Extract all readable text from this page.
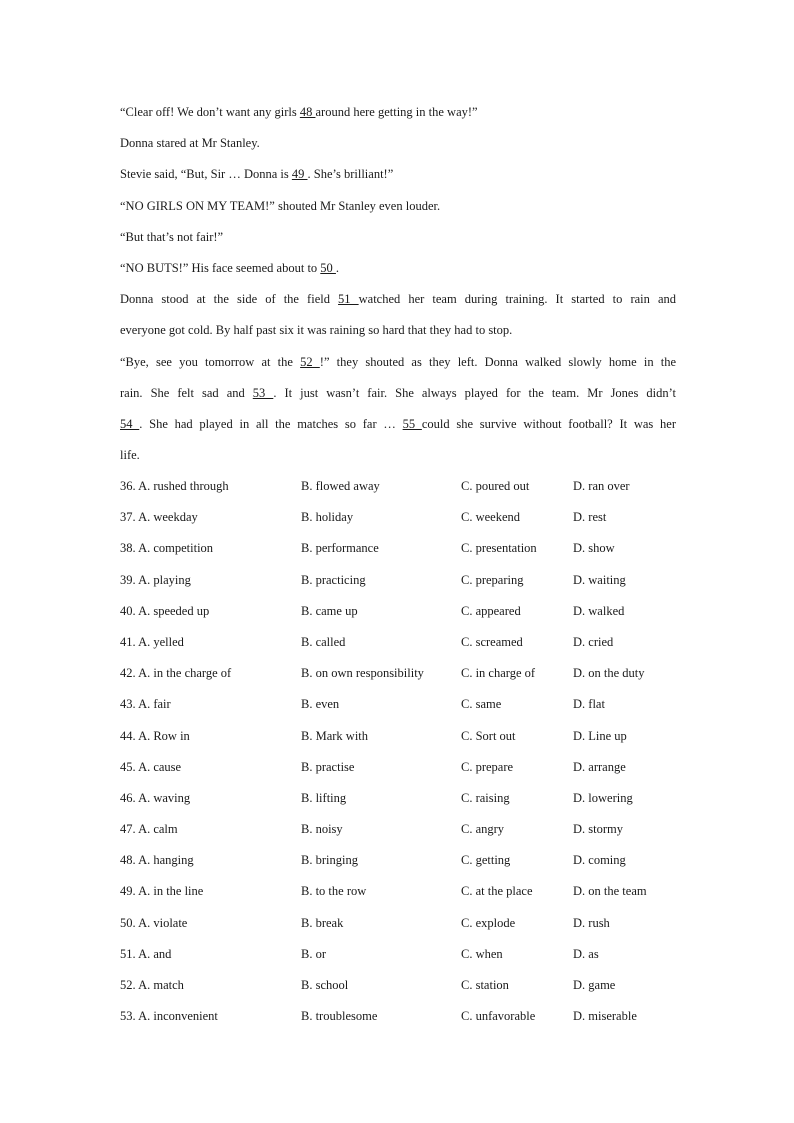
“Clear off! We don’t want any girls 48 around here getting in the way!”
Donna stared at Mr Stanley.
Stevie said, “But, Sir … Donna is 49 . She’s brilliant!”
“NO GIRLS ON MY TEAM!” shouted Mr Stanley even louder.
“But that’s not fair!”
“NO BUTS!” His face seemed about to 50 .
Donna stood at the side of the field 51 watched her team during training. It started to rain and
everyone got cold. By half past six it was raining so hard that they had to stop.
“Bye, see you tomorrow at the 52 !” they shouted as they left. Donna walked slowly home in the
rain. She felt sad and 53 . It just wasn’t fair. She always played for the team. Mr Jones didn’t
54 . She had played in all the matches so far … 55 could she survive without football? It was her
life.
36. A. rushed through	B. flowed away	C. poured out	D. ran over
37. A. weekday	B. holiday	C. weekend	D. rest
38. A. competition	B. performance	C. presentation	D. show
39. A. playing	B. practicing	C. preparing	D. waiting
40. A. speeded up	B. came up	C. appeared	D. walked
41. A. yelled	B. called	C. screamed	D. cried
42. A. in the charge of	B. on own responsibility	C. in charge of	D. on the duty
43. A. fair	B. even	C. same	D. flat
44. A. Row in	B. Mark with	C. Sort out	D. Line up
45. A. cause	B. practise	C. prepare	D. arrange
46. A. waving	B. lifting	C. raising	D. lowering
47. A. calm	B. noisy	C. angry	D. stormy
48. A. hanging	B. bringing	C. getting	D. coming
49. A. in the line	B. to the row	C. at the place	D. on the team
50. A. violate	B. break	C. explode	D. rush
51. A. and	B. or	C. when	D. as
52. A. match	B. school	C. station	D. game
53. A. inconvenient	B. troublesome	C. unfavorable	D. miserable
